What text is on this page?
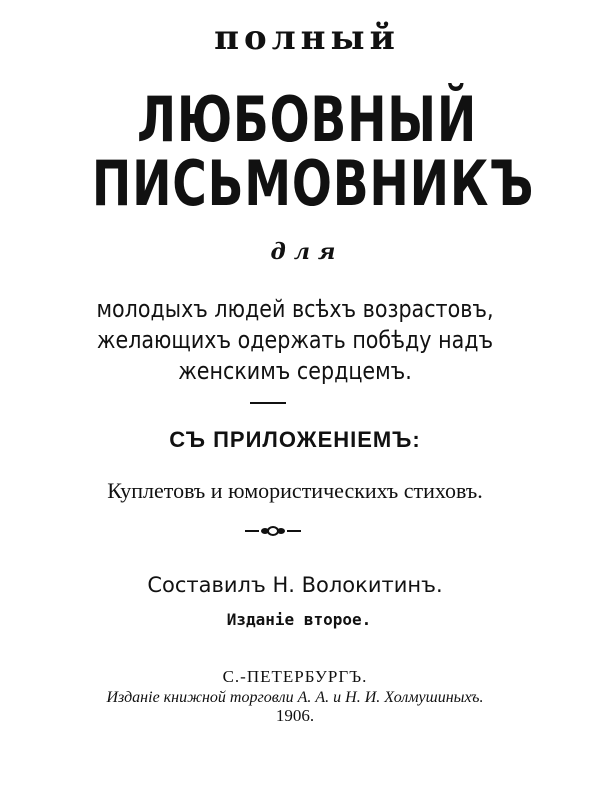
полный
ЛЮБОВНЫЙ
ПИСЬМОВНИКЪ
для
молодыхъ людей всѣхъ возрастовъ,
желающихъ одержать побѣду надъ
женскимъ сердцемъ.
СЪ ПРИЛОЖЕНІЕМЪ:
Куплетовъ и юмористическихъ стиховъ.
Составилъ Н. Волокитинъ.
Изданіе второе.
С.-ПЕТЕРБУРГЪ.
Изданіе книжной торговли А. А. и Н. И. Холмушиныхъ.
1906.
